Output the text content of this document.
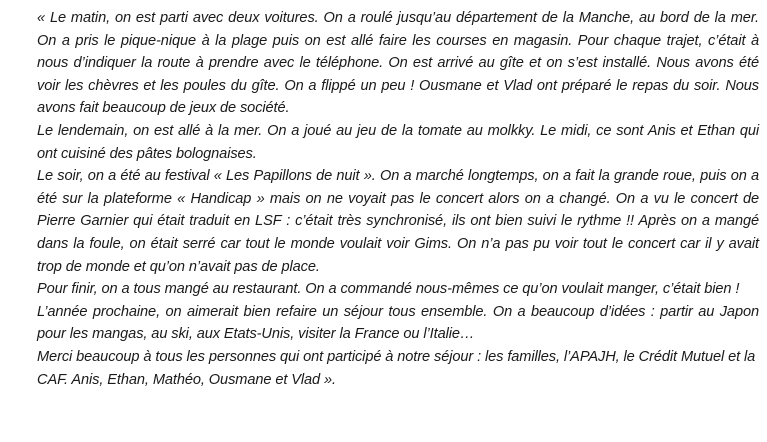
« Le matin, on est parti avec deux voitures. On a roulé jusqu’au département de la Manche, au bord de la mer. On a pris le pique-nique à la plage puis on est allé faire les courses en magasin. Pour chaque trajet, c’était à nous d’indiquer la route à prendre avec le téléphone. On est arrivé au gîte et on s’est installé. Nous avons été voir les chèvres et les poules du gîte. On a flippé un peu ! Ousmane et Vlad ont préparé le repas du soir. Nous avons fait beaucoup de jeux de société.

Le lendemain, on est allé à la mer. On a joué au jeu de la tomate au molkky. Le midi, ce sont Anis et Ethan qui ont cuisiné des pâtes bolognaises.

Le soir, on a été au festival « Les Papillons de nuit ». On a marché longtemps, on a fait la grande roue, puis on a été sur la plateforme « Handicap » mais on ne voyait pas le concert alors on a changé. On a vu le concert de Pierre Garnier qui était traduit en LSF : c’était très synchronisé, ils ont bien suivi le rythme !! Après on a mangé dans la foule, on était serré car tout le monde voulait voir Gims. On n’a pas pu voir tout le concert car il y avait trop de monde et qu’on n’avait pas de place.

Pour finir, on a tous mangé au restaurant. On a commandé nous-mêmes ce qu’on voulait manger, c’était bien !

L’année prochaine, on aimerait bien refaire un séjour tous ensemble. On a beaucoup d’idées : partir au Japon pour les mangas, au ski, aux Etats-Unis, visiter la France ou l’Italie…

Merci beaucoup à tous les personnes qui ont participé à notre séjour : les familles, l’APAJH, le Crédit Mutuel et la CAF. Anis, Ethan, Mathéo, Ousmane et Vlad ».
